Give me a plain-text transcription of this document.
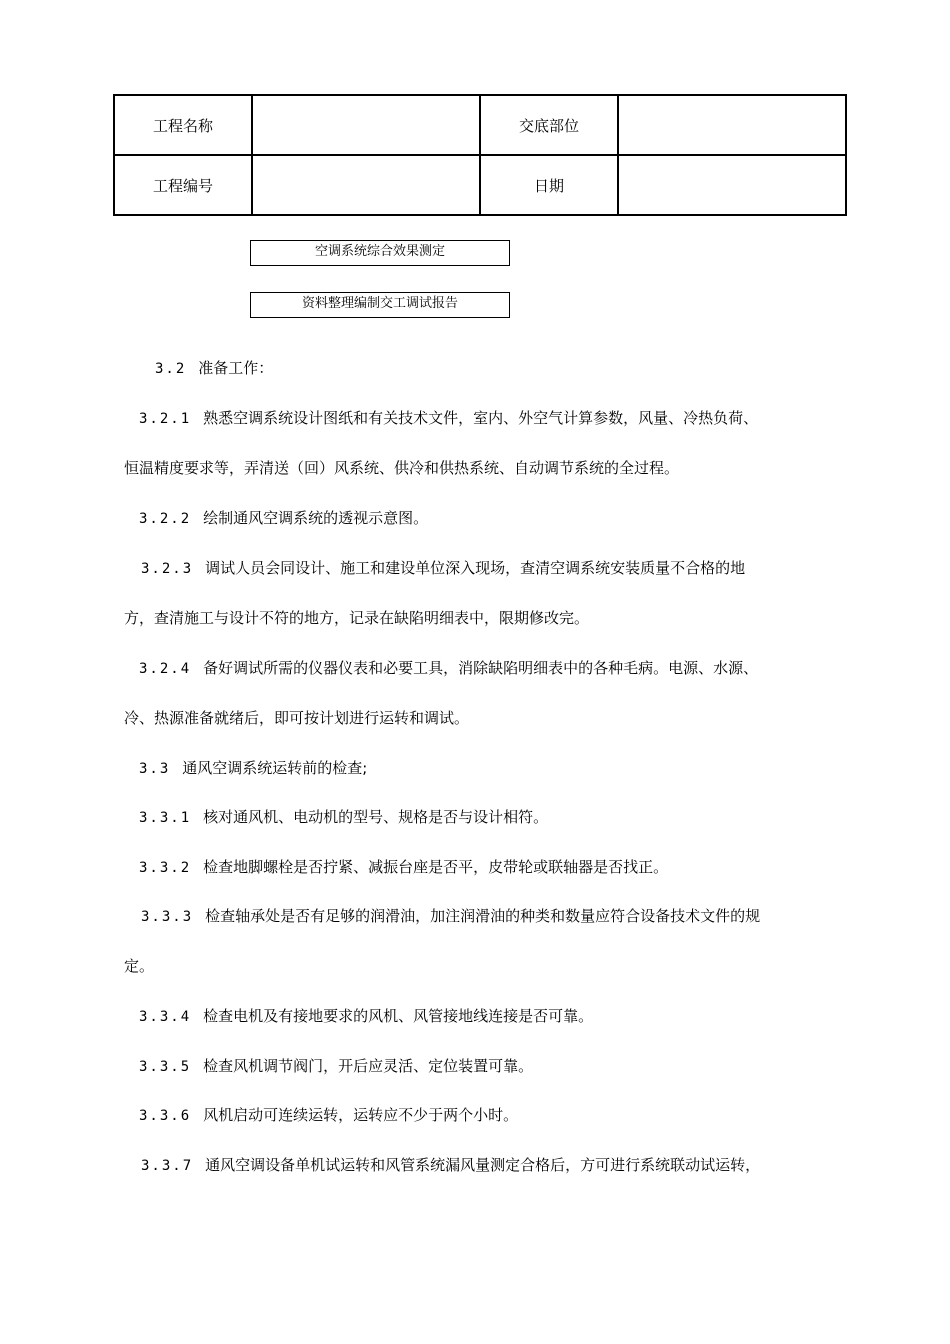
工程名称		交底部位	
工程编号		日期	
空调系统综合效果测定
资料整理编制交工调试报告
3.2 准备工作：
3.2.1 熟悉空调系统设计图纸和有关技术文件，室内、外空气计算参数，风量、冷热负荷、
恒温精度要求等，弄清送（回）风系统、供冷和供热系统、自动调节系统的全过程。
3.2.2 绘制通风空调系统的透视示意图。
3.2.3 调试人员会同设计、施工和建设单位深入现场，查清空调系统安装质量不合格的地
方，查清施工与设计不符的地方，记录在缺陷明细表中，限期修改完。
3.2.4 备好调试所需的仪器仪表和必要工具，消除缺陷明细表中的各种毛病。电源、水源、
冷、热源准备就绪后，即可按计划进行运转和调试。
3.3 通风空调系统运转前的检查;
3.3.1 核对通风机、电动机的型号、规格是否与设计相符。
3.3.2 检查地脚螺栓是否拧紧、减振台座是否平，皮带轮或联轴器是否找正。
3.3.3 检查轴承处是否有足够的润滑油，加注润滑油的种类和数量应符合设备技术文件的规
定。
3.3.4 检查电机及有接地要求的风机、风管接地线连接是否可靠。
3.3.5 检查风机调节阀门，开后应灵活、定位装置可靠。
3.3.6 风机启动可连续运转，运转应不少于两个小时。
3.3.7 通风空调设备单机试运转和风管系统漏风量测定合格后，方可进行系统联动试运转，
